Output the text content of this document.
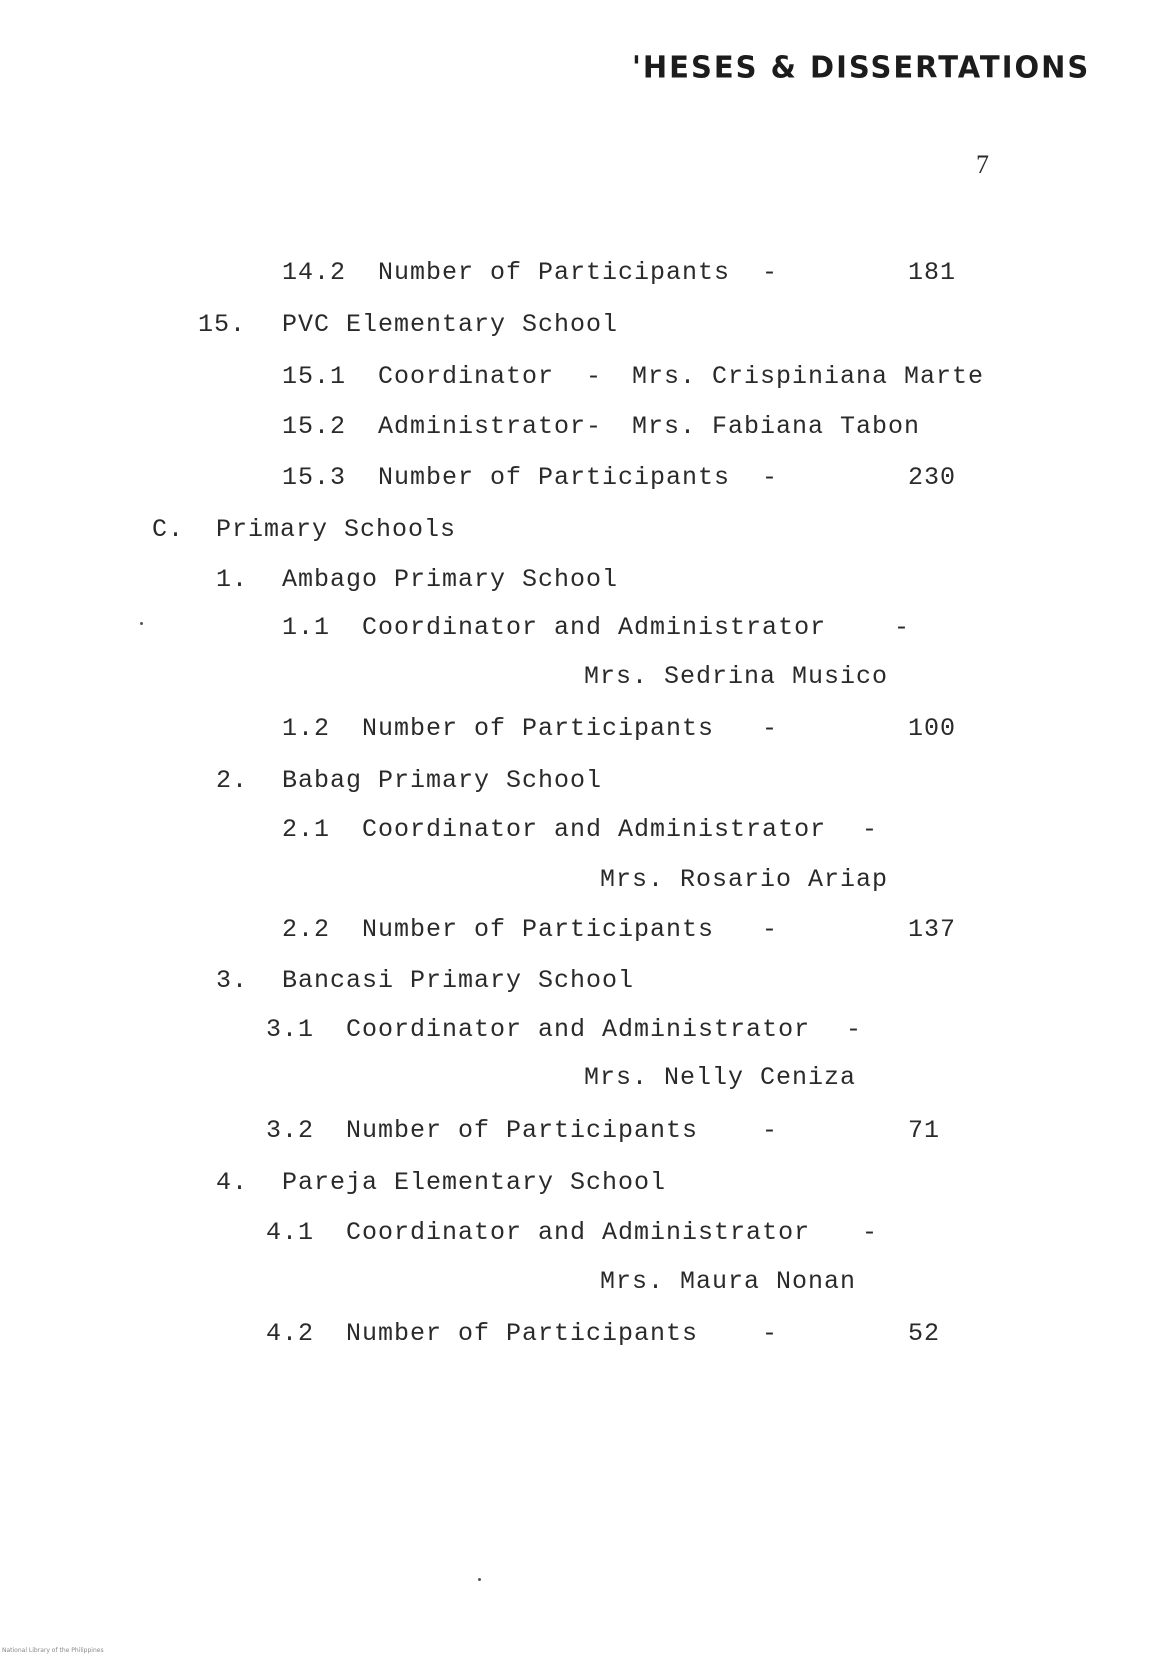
'HESES & DISSERTATIONS
7
14.2 Number of Participants -	181
15. PVC Elementary School
15.1 Coordinator - Mrs. Crispiniana Marte
15.2 Administrator- Mrs. Fabiana Tabon
15.3 Number of Participants -	230
C. Primary Schools
1. Ambago Primary School
1.1 Coordinator and Administrator	-
Mrs. Sedrina Musico
1.2 Number of Participants -	100
2. Babag Primary School
2.1 Coordinator and Administrator -
Mrs. Rosario Ariap
2.2 Number of Participants -	137
3. Bancasi Primary School
3.1 Coordinator and Administrator -
Mrs. Nelly Ceniza
3.2 Number of Participants	-	71
4. Pareja Elementary School
4.1 Coordinator and Administrator -
Mrs. Maura Nonan
4.2 Number of Participants	-	52
National Library of the Philippines
